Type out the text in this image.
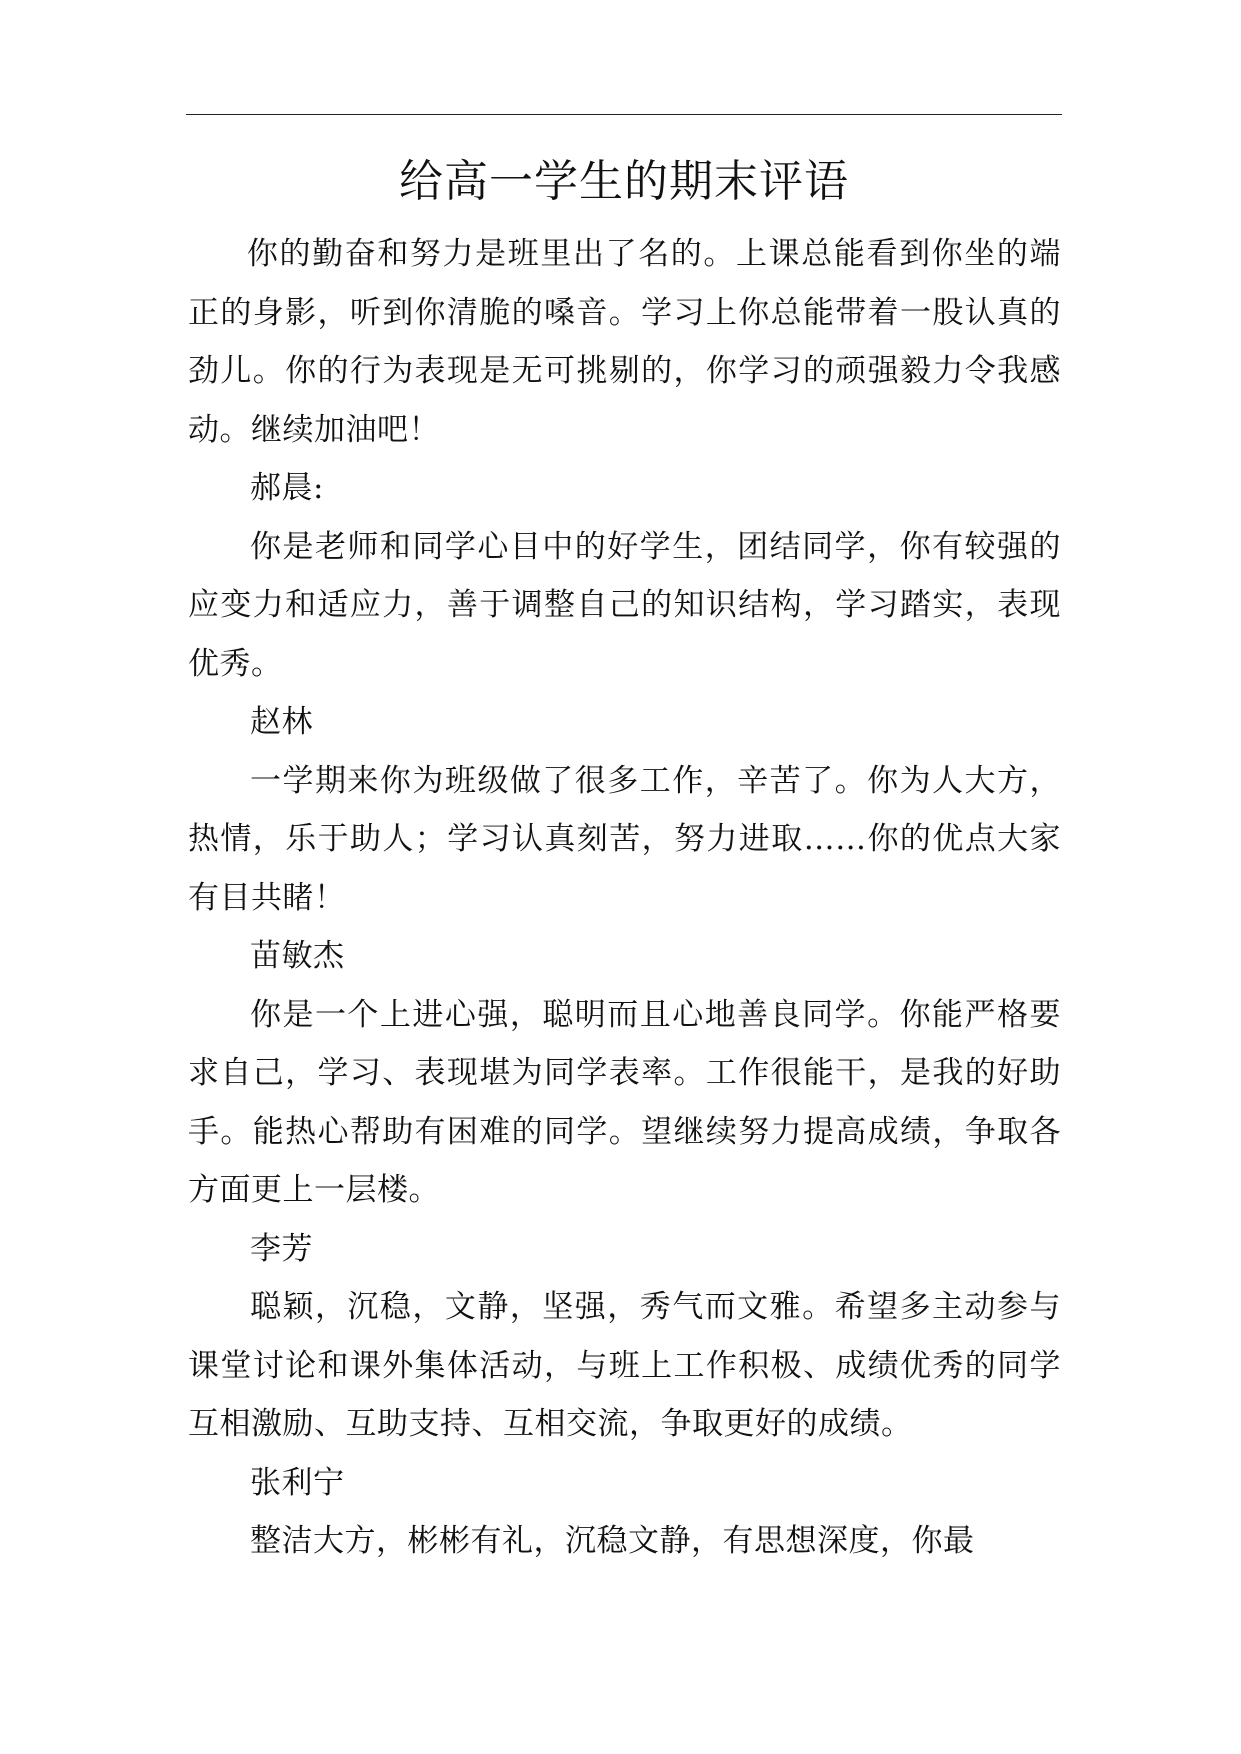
给高一学生的期末评语

你的勤奋和努力是班里出了名的。上课总能看到你坐的端正的身影，听到你清脆的嗓音。学习上你总能带着一股认真的劲儿。你的行为表现是无可挑剔的，你学习的顽强毅力令我感动。继续加油吧！

郝晨:

你是老师和同学心目中的好学生，团结同学，你有较强的应变力和适应力，善于调整自己的知识结构，学习踏实，表现优秀。

赵林

一学期来你为班级做了很多工作，辛苦了。你为人大方，热情，乐于助人；学习认真刻苦，努力进取……你的优点大家有目共睹！

苗敏杰

你是一个上进心强，聪明而且心地善良同学。你能严格要求自己，学习、表现堪为同学表率。工作很能干，是我的好助手。能热心帮助有困难的同学。望继续努力提高成绩，争取各方面更上一层楼。

李芳

聪颖，沉稳，文静，坚强，秀气而文雅。希望多主动参与课堂讨论和课外集体活动，与班上工作积极、成绩优秀的同学互相激励、互助支持、互相交流，争取更好的成绩。

张利宁

整洁大方，彬彬有礼，沉稳文静，有思想深度，你最
